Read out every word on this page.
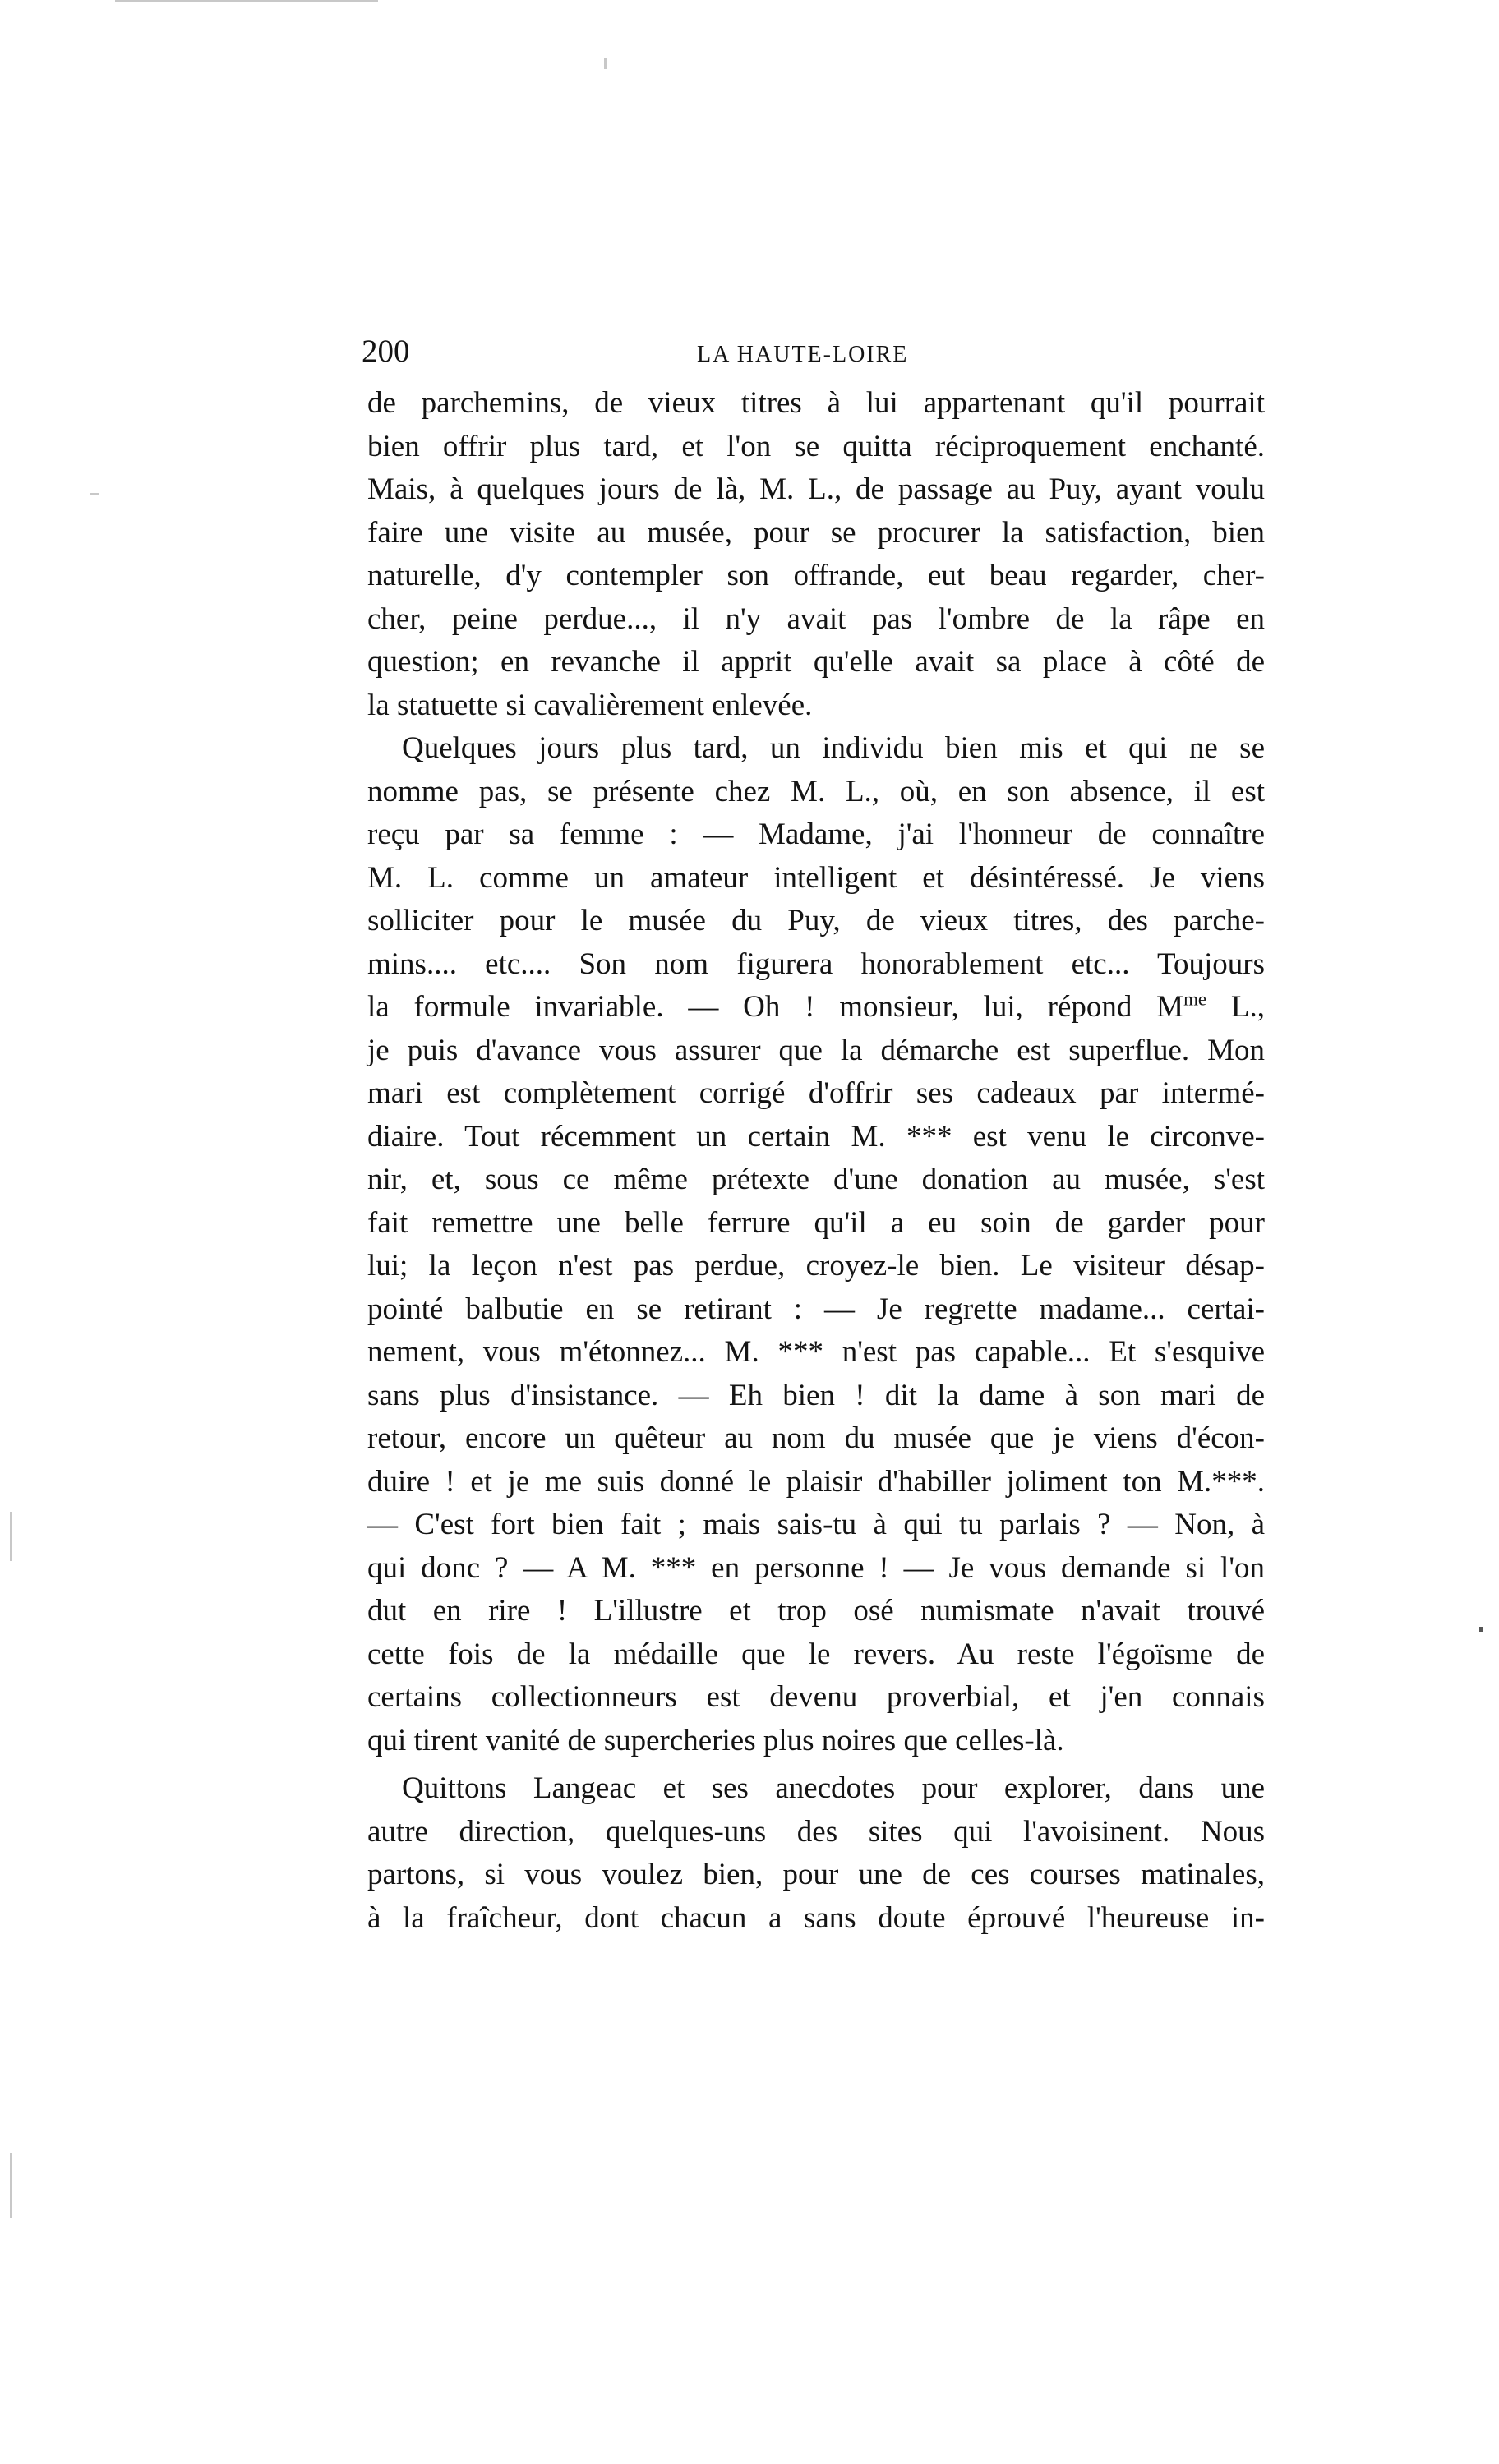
200	LA HAUTE-LOIRE
de parchemins, de vieux titres à lui appartenant qu'il pourrait
bien offrir plus tard, et l'on se quitta réciproquement enchanté.
Mais, à quelques jours de là, M. L., de passage au Puy, ayant voulu
faire une visite au musée, pour se procurer la satisfaction, bien
naturelle, d'y contempler son offrande, eut beau regarder, cher-
cher, peine perdue..., il n'y avait pas l'ombre de la râpe en
question; en revanche il apprit qu'elle avait sa place à côté de
la statuette si cavalièrement enlevée.
Quelques jours plus tard, un individu bien mis et qui ne se
nomme pas, se présente chez M. L., où, en son absence, il est
reçu par sa femme : — Madame, j'ai l'honneur de connaître
M. L. comme un amateur intelligent et désintéressé. Je viens
solliciter pour le musée du Puy, de vieux titres, des parche-
mins.... etc.... Son nom figurera honorablement etc... Toujours
la formule invariable. — Oh ! monsieur, lui, répond $M^{me}$ L.,
je puis d'avance vous assurer que la démarche est superflue. Mon
mari est complètement corrigé d'offrir ses cadeaux par intermé-
diaire. Tout récemment un certain M. *** est venu le circonve-
nir, et, sous ce même prétexte d'une donation au musée, s'est
fait remettre une belle ferrure qu'il a eu soin de garder pour
lui; la leçon n'est pas perdue, croyez-le bien. Le visiteur désap-
pointé balbutie en se retirant : — Je regrette madame... certai-
nement, vous m'étonnez... M. *** n'est pas capable... Et s'esquive
sans plus d'insistance. — Eh bien ! dit la dame à son mari de
retour, encore un quêteur au nom du musée que je viens d'écon-
duire ! et je me suis donné le plaisir d'habiller joliment ton M.***.
— C'est fort bien fait ; mais sais-tu à qui tu parlais ? — Non, à
qui donc ? — A M. *** en personne ! — Je vous demande si l'on
dut en rire ! L'illustre et trop osé numismate n'avait trouvé
cette fois de la médaille que le revers. Au reste l'égoïsme de
certains collectionneurs est devenu proverbial, et j'en connais
qui tirent vanité de supercheries plus noires que celles-là.
Quittons Langeac et ses anecdotes pour explorer, dans une
autre direction, quelques-uns des sites qui l'avoisinent. Nous
partons, si vous voulez bien, pour une de ces courses matinales,
à la fraîcheur, dont chacun a sans doute éprouvé l'heureuse in-
